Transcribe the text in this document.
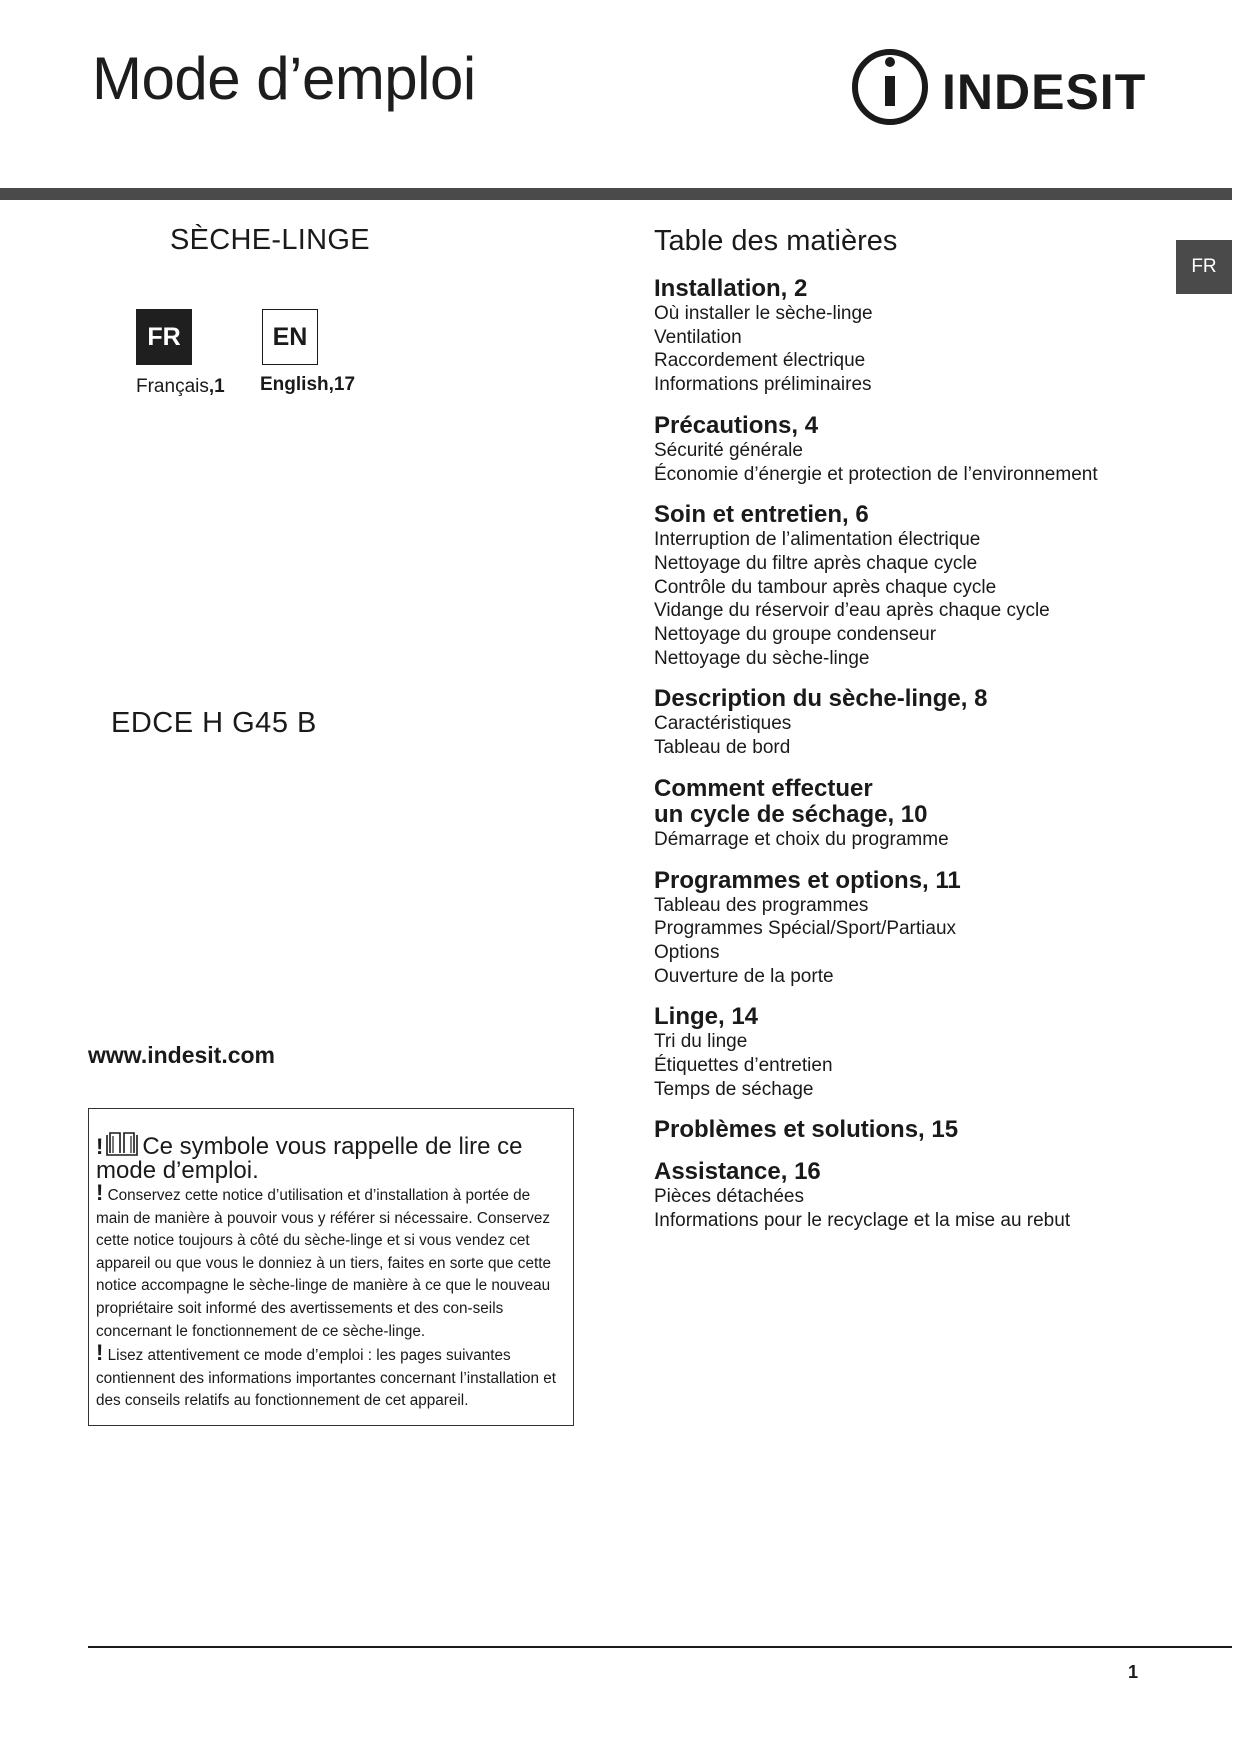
Mode d’emploi	INDESIT
FR
SÈCHE-LINGE
FR	EN
Français,1 English,17
EDCE H G45 B
www.indesit.com
! Ce symbole vous rappelle de lire ce mode d’emploi.
! Conservez cette notice d’utilisation et d’installation à portée de main de manière à pouvoir vous y référer si nécessaire. Conservez cette notice toujours à côté du sèche-linge et si vous vendez cet appareil ou que vous le donniez à un tiers, faites en sorte que cette notice accompagne le sèche-linge de manière à ce que le nouveau propriétaire soit informé des avertissements et des con-seils concernant le fonctionnement de ce sèche-linge.
! Lisez attentivement ce mode d’emploi : les pages suivantes contiennent des informations importantes concernant l’installation et des conseils relatifs au fonctionnement de cet appareil.
Table des matières
Installation, 2
Où installer le sèche-linge
Ventilation
Raccordement électrique
Informations préliminaires
Précautions, 4
Sécurité générale
Économie d’énergie et protection de l’environnement
Soin et entretien, 6
Interruption de l’alimentation électrique
Nettoyage du filtre après chaque cycle
Contrôle du tambour après chaque cycle
Vidange du réservoir d’eau après chaque cycle
Nettoyage du groupe condenseur
Nettoyage du sèche-linge
Description du sèche-linge, 8
Caractéristiques
Tableau de bord
Comment effectuer
un cycle de séchage, 10
Démarrage et choix du programme
Programmes et options, 11
Tableau des programmes
Programmes Spécial/Sport/Partiaux
Options
Ouverture de la porte
Linge, 14
Tri du linge
Étiquettes d’entretien
Temps de séchage
Problèmes et solutions, 15
Assistance, 16
Pièces détachées
Informations pour le recyclage et la mise au rebut
1
